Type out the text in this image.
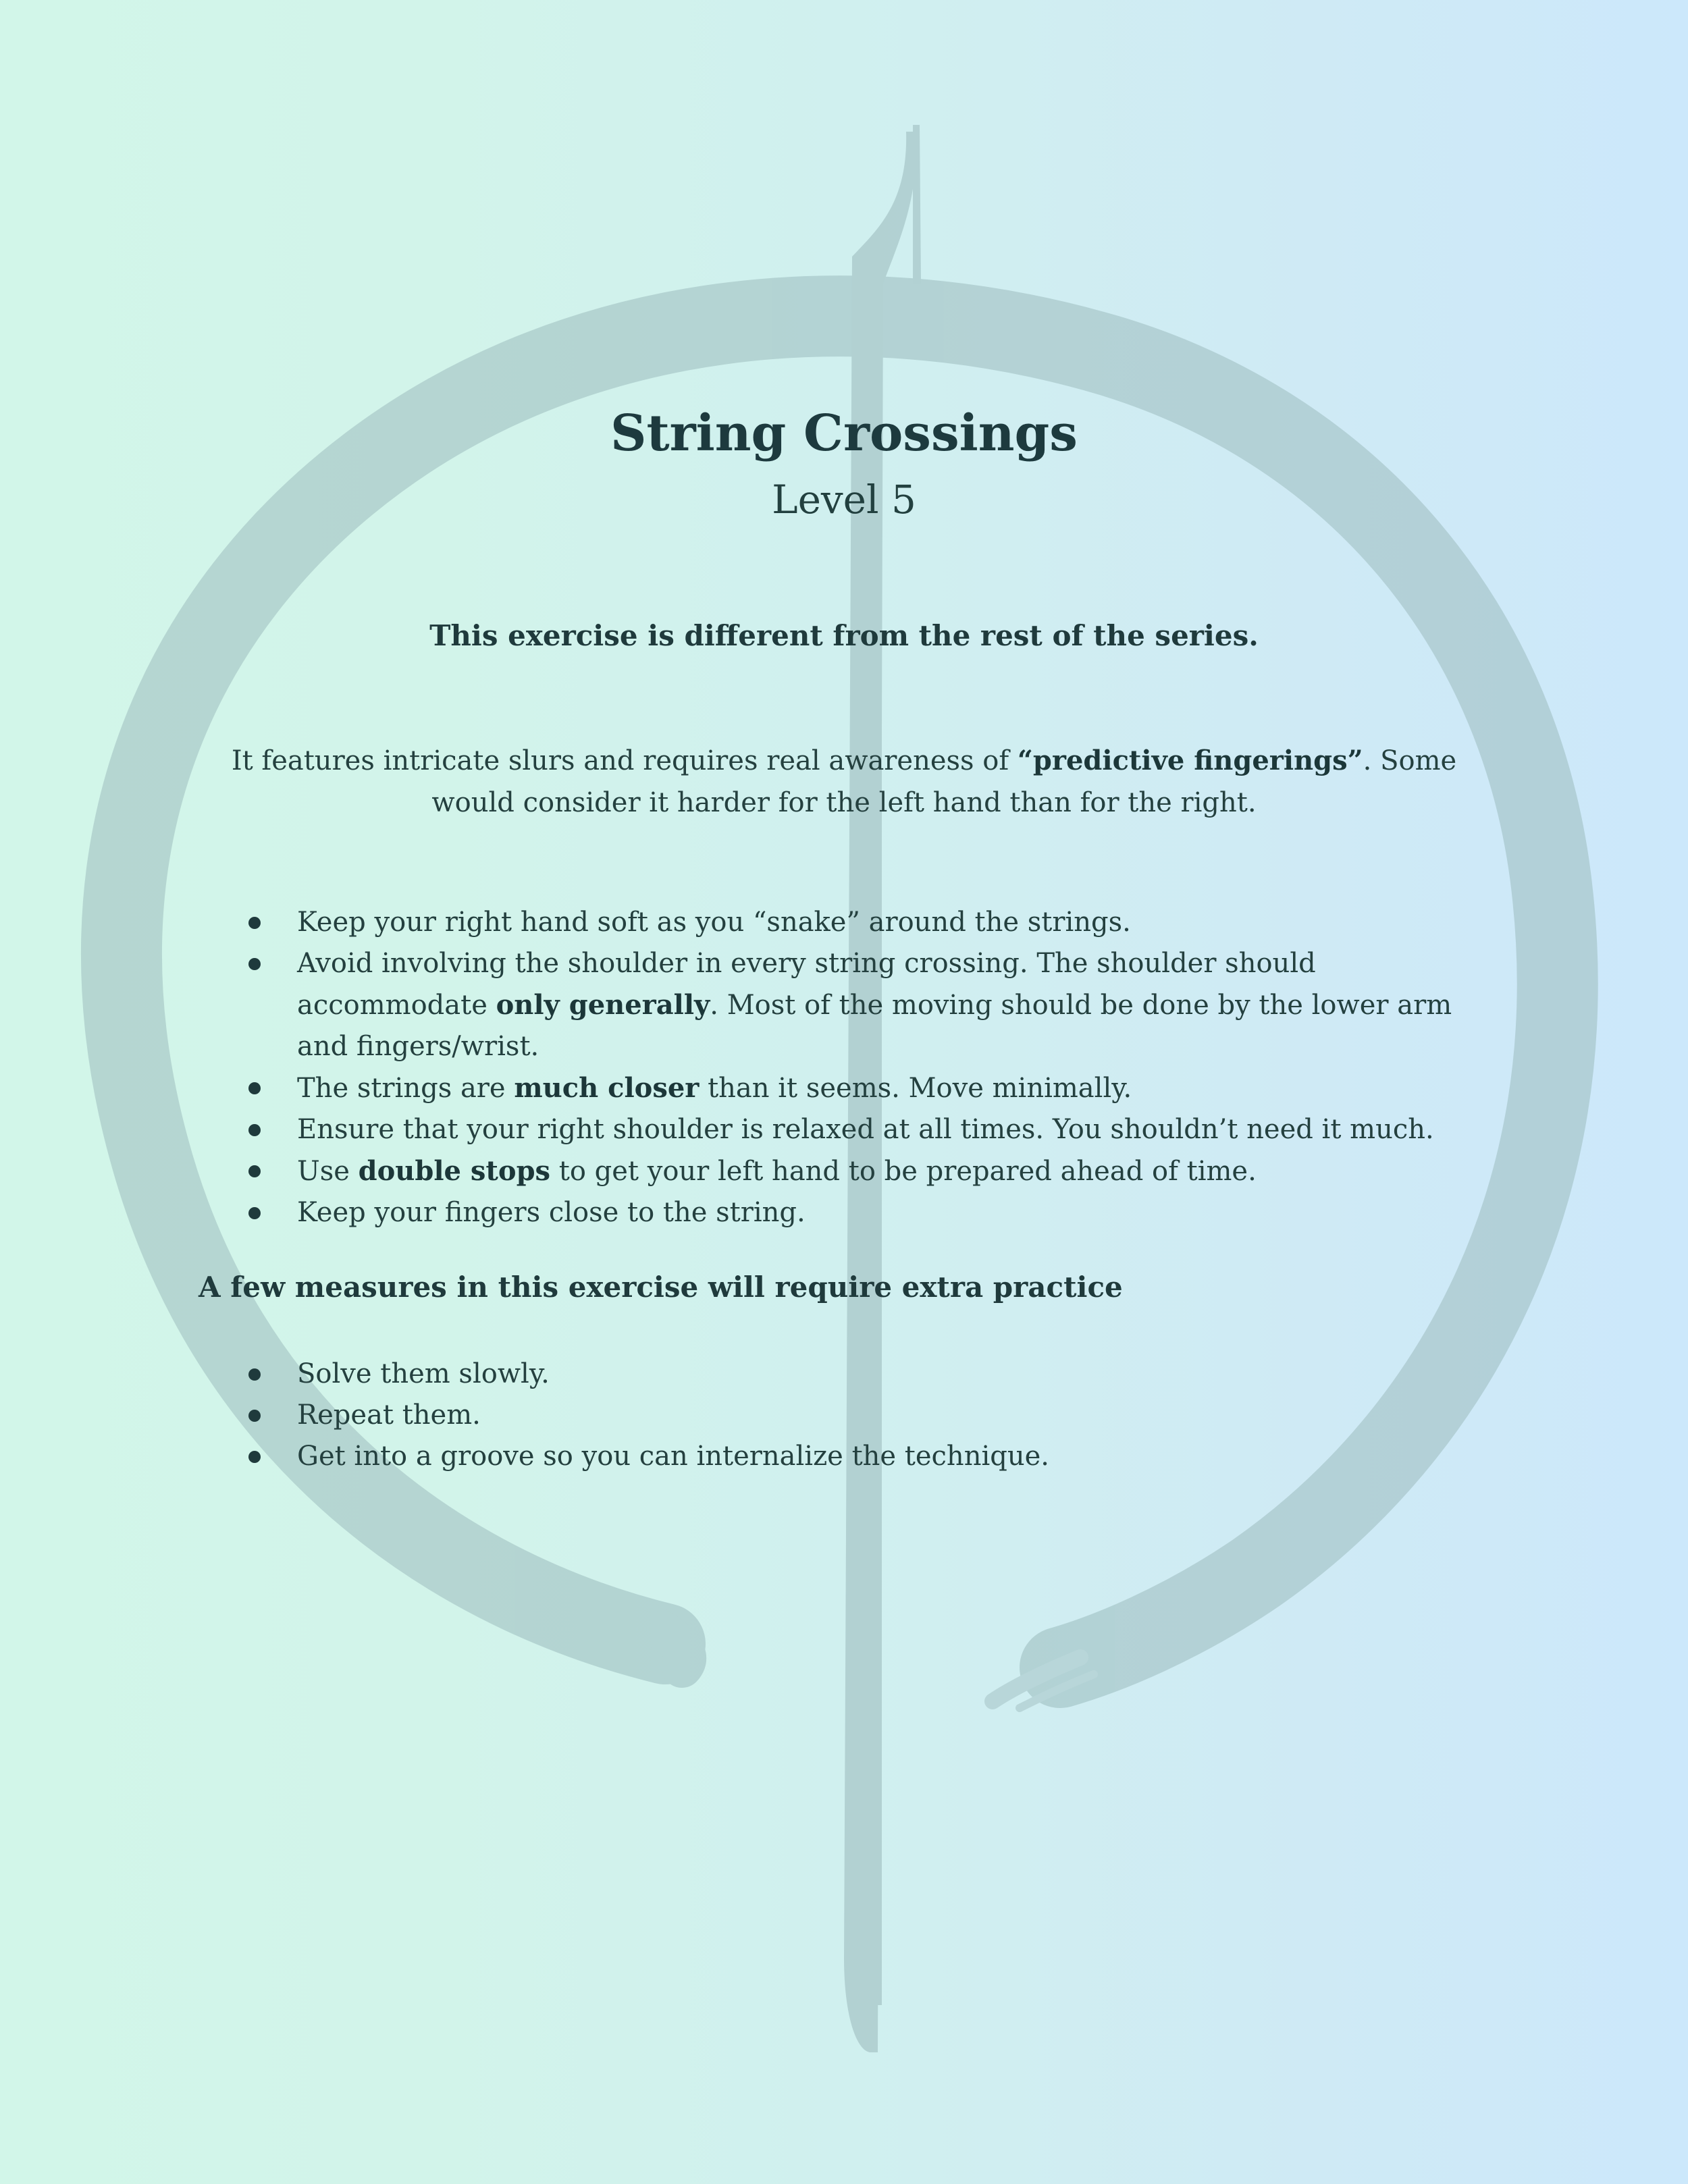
String Crossings
Level 5

This exercise is different from the rest of the series.

It features intricate slurs and requires real awareness of “predictive fingerings”. Some would consider it harder for the left hand than for the right.

Keep your right hand soft as you “snake” around the strings.
Avoid involving the shoulder in every string crossing. The shoulder should accommodate only generally. Most of the moving should be done by the lower arm and fingers/wrist.
The strings are much closer than it seems. Move minimally.
Ensure that your right shoulder is relaxed at all times. You shouldn’t need it much.
Use double stops to get your left hand to be prepared ahead of time.
Keep your fingers close to the string.

A few measures in this exercise will require extra practice

Solve them slowly.
Repeat them.
Get into a groove so you can internalize the technique.
